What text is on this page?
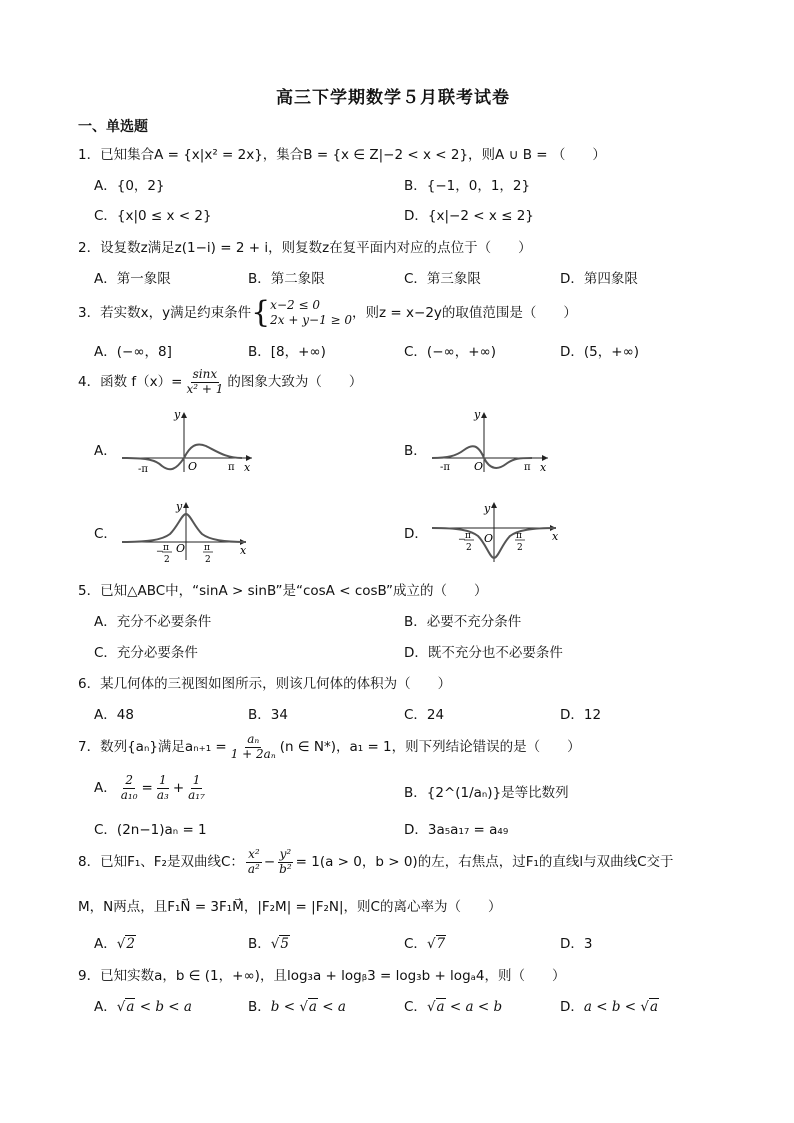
高三下学期数学５月联考试卷
一、单选题
1．已知集合A = {x|x² = 2x}，集合B = {x ∈ Z|−2 < x < 2}，则A ∪ B = （　　）
A．{0，2}	B．{−1，0，1，2}
C．{x|0 ≤ x < 2}	D．{x|−2 < x ≤ 2}
2．设复数z满足z(1−i) = 2 + i，则复数z在复平面内对应的点位于（　　）
A．第一象限	B．第二象限	C．第三象限	D．第四象限
3．若实数x，y满足约束条件 { x−2 ≤ 0
2x + y−1 ≥ 0 ，则z = x−2y的取值范围是（　　）
A．(−∞，8]	B．[8，+∞)	C．(−∞，+∞)	D．(5，+∞)
4．函数 $f(x)= \frac{\sin x}{\text{x² + 1}}$ 的图象大致为（　　）
A．
y
x
O
-π	π
B．
y
x
O
-π	π
C．
y
x
O
− π
2
π
2
D．
y
x
O
− π
2
π
2
5．已知△ABC中，“sinA > sinB”是“cosA < cosB”成立的（　　）
A．充分不必要条件	B．必要不充分条件
C．充分必要条件	D．既不充分也不必要条件
6．某几何体的三视图如图所示，则该几何体的体积为（　　）
A．48	B．34	C．24	D．12
7．数列{aₙ}满足$a_{n+1} = \frac{\text{aₙ}}{\text{1 + 2aₙ}} (n$ ∈ N*)，a₁ = 1，则下列结论错误的是（　　）
A． $\frac{2}{\text{a₁₀}} = \frac{1}{\text{a₃}} + \frac{1}{\text{a₁₇}}$	B．{2^(1/aₙ)}是等比数列
C．(2n−1)aₙ = 1	D．3a₅a₁₇ = a₄₉
8．已知F₁、F₂是双曲线C： $\frac{\text{x²}}{\text{a²}} - \frac{\text{y²}}{\text{b²}} = 1(a > 0$，b > 0)的左，右焦点，过F₁的直线l与双曲线C交于
M，N两点，且F₁N⃗ = 3F₁M⃗，|F₂M| = |F₂N|，则C的离心率为（　　）
A．√2	B．√5	C．√7	D．3
9．已知实数a，b ∈ (1，+∞)，且log₃a + logᵦ3 = log₃b + logₐ4，则（　　）
A．√a < b < a	B．b < √a < a	C．√a < a < b	D．a < b < √a
